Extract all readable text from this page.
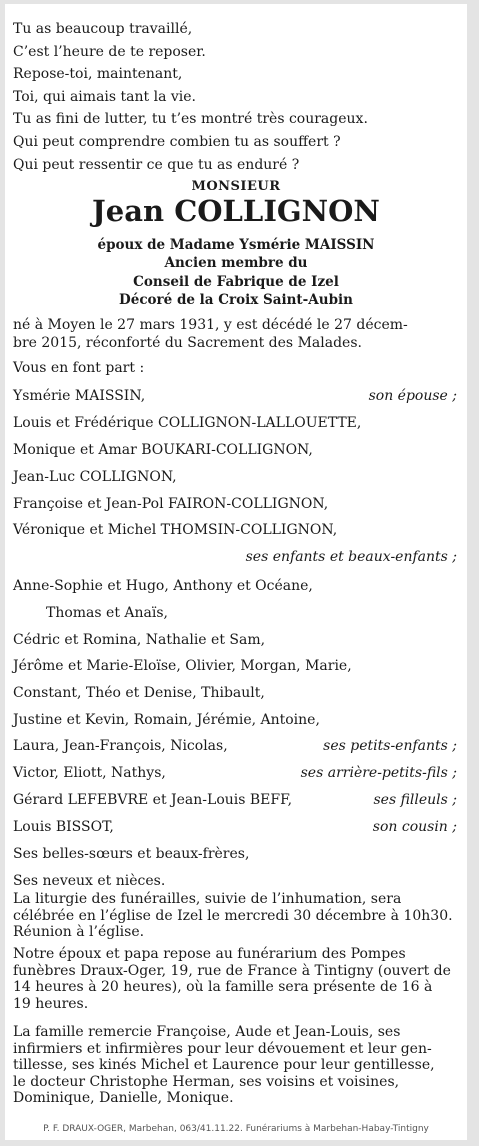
Tu as beaucoup travaillé,
C’est l’heure de te reposer.
Repose-toi, maintenant,
Toi, qui aimais tant la vie.
Tu as fini de lutter, tu t’es montré très courageux.
Qui peut comprendre combien tu as souffert ?
Qui peut ressentir ce que tu as enduré ?
MONSIEUR
Jean COLLIGNON
époux de Madame Ysmérie MAISSIN
Ancien membre du
Conseil de Fabrique de Izel
Décoré de la Croix Saint-Aubin
né à Moyen le 27 mars 1931, y est décédé le 27 décem-
bre 2015, réconforté du Sacrement des Malades.
Vous en font part :
Ysmérie MAISSIN,	son épouse ;
Louis et Frédérique COLLIGNON-LALLOUETTE,
Monique et Amar BOUKARI-COLLIGNON,
Jean-Luc COLLIGNON,
Françoise et Jean-Pol FAIRON-COLLIGNON,
Véronique et Michel THOMSIN-COLLIGNON,
ses enfants et beaux-enfants ;
Anne-Sophie et Hugo, Anthony et Océane,
Thomas et Anaïs,
Cédric et Romina, Nathalie et Sam,
Jérôme et Marie-Eloïse, Olivier, Morgan, Marie,
Constant, Théo et Denise, Thibault,
Justine et Kevin, Romain, Jérémie, Antoine,
Laura, Jean-François, Nicolas,	ses petits-enfants ;
Victor, Eliott, Nathys,	ses arrière-petits-fils ;
Gérard LEFEBVRE et Jean-Louis BEFF,	ses filleuls ;
Louis BISSOT,	son cousin ;
Ses belles-sœurs et beaux-frères,
Ses neveux et nièces.
La liturgie des funérailles, suivie de l’inhumation, sera
célébrée en l’église de Izel le mercredi 30 décembre à 10h30.
Réunion à l’église.
Notre époux et papa repose au funérarium des Pompes
funèbres Draux-Oger, 19, rue de France à Tintigny (ouvert de
14 heures à 20 heures), où la famille sera présente de 16 à
19 heures.
La famille remercie Françoise, Aude et Jean-Louis, ses
infirmiers et infirmières pour leur dévouement et leur gen-
tillesse, ses kinés Michel et Laurence pour leur gentillesse,
le docteur Christophe Herman, ses voisins et voisines,
Dominique, Danielle, Monique.
P. F. DRAUX-OGER, Marbehan, 063/41.11.22. Funérariums à Marbehan-Habay-Tintigny
